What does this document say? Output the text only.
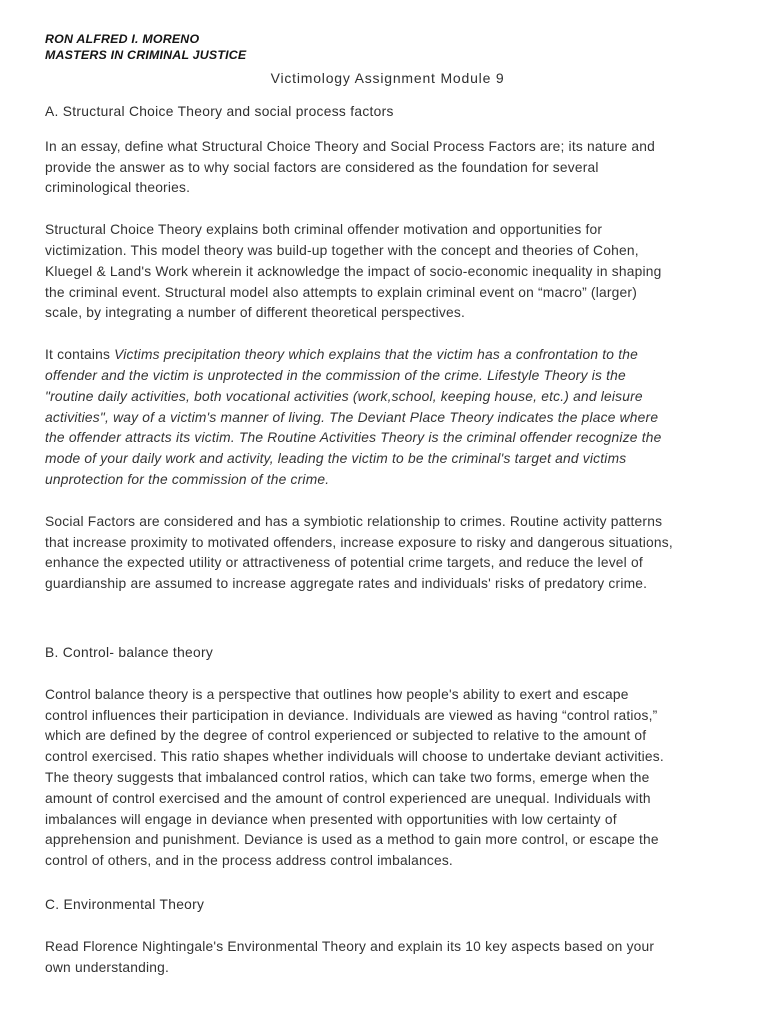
RON ALFRED I. MORENO
MASTERS IN CRIMINAL JUSTICE
Victimology Assignment Module 9
A. Structural Choice Theory and social process factors
In an essay, define what Structural Choice Theory and Social Process Factors are; its nature and
provide the answer as to why social factors are considered as the foundation for several
criminological theories.
Structural Choice Theory explains both criminal offender motivation and opportunities for
victimization. This model theory was build-up together with the concept and theories of Cohen,
Kluegel & Land's Work wherein it acknowledge the impact of socio-economic inequality in shaping
the criminal event. Structural model also attempts to explain criminal event on “macro” (larger)
scale, by integrating a number of different theoretical perspectives.
It contains Victims precipitation theory which explains that the victim has a confrontation to the
offender and the victim is unprotected in the commission of the crime. Lifestyle Theory is the
"routine daily activities, both vocational activities (work,school, keeping house, etc.) and leisure
activities", way of a victim's manner of living. The Deviant Place Theory indicates the place where
the offender attracts its victim. The Routine Activities Theory is the criminal offender recognize the
mode of your daily work and activity, leading the victim to be the criminal's target and victims
unprotection for the commission of the crime.
Social Factors are considered and has a symbiotic relationship to crimes. Routine activity patterns
that increase proximity to motivated offenders, increase exposure to risky and dangerous situations,
enhance the expected utility or attractiveness of potential crime targets, and reduce the level of
guardianship are assumed to increase aggregate rates and individuals' risks of predatory crime.
B. Control- balance theory
Control balance theory is a perspective that outlines how people's ability to exert and escape
control influences their participation in deviance. Individuals are viewed as having “control ratios,”
which are defined by the degree of control experienced or subjected to relative to the amount of
control exercised. This ratio shapes whether individuals will choose to undertake deviant activities.
The theory suggests that imbalanced control ratios, which can take two forms, emerge when the
amount of control exercised and the amount of control experienced are unequal. Individuals with
imbalances will engage in deviance when presented with opportunities with low certainty of
apprehension and punishment. Deviance is used as a method to gain more control, or escape the
control of others, and in the process address control imbalances.
C. Environmental Theory
Read Florence Nightingale's Environmental Theory and explain its 10 key aspects based on your
own understanding.
